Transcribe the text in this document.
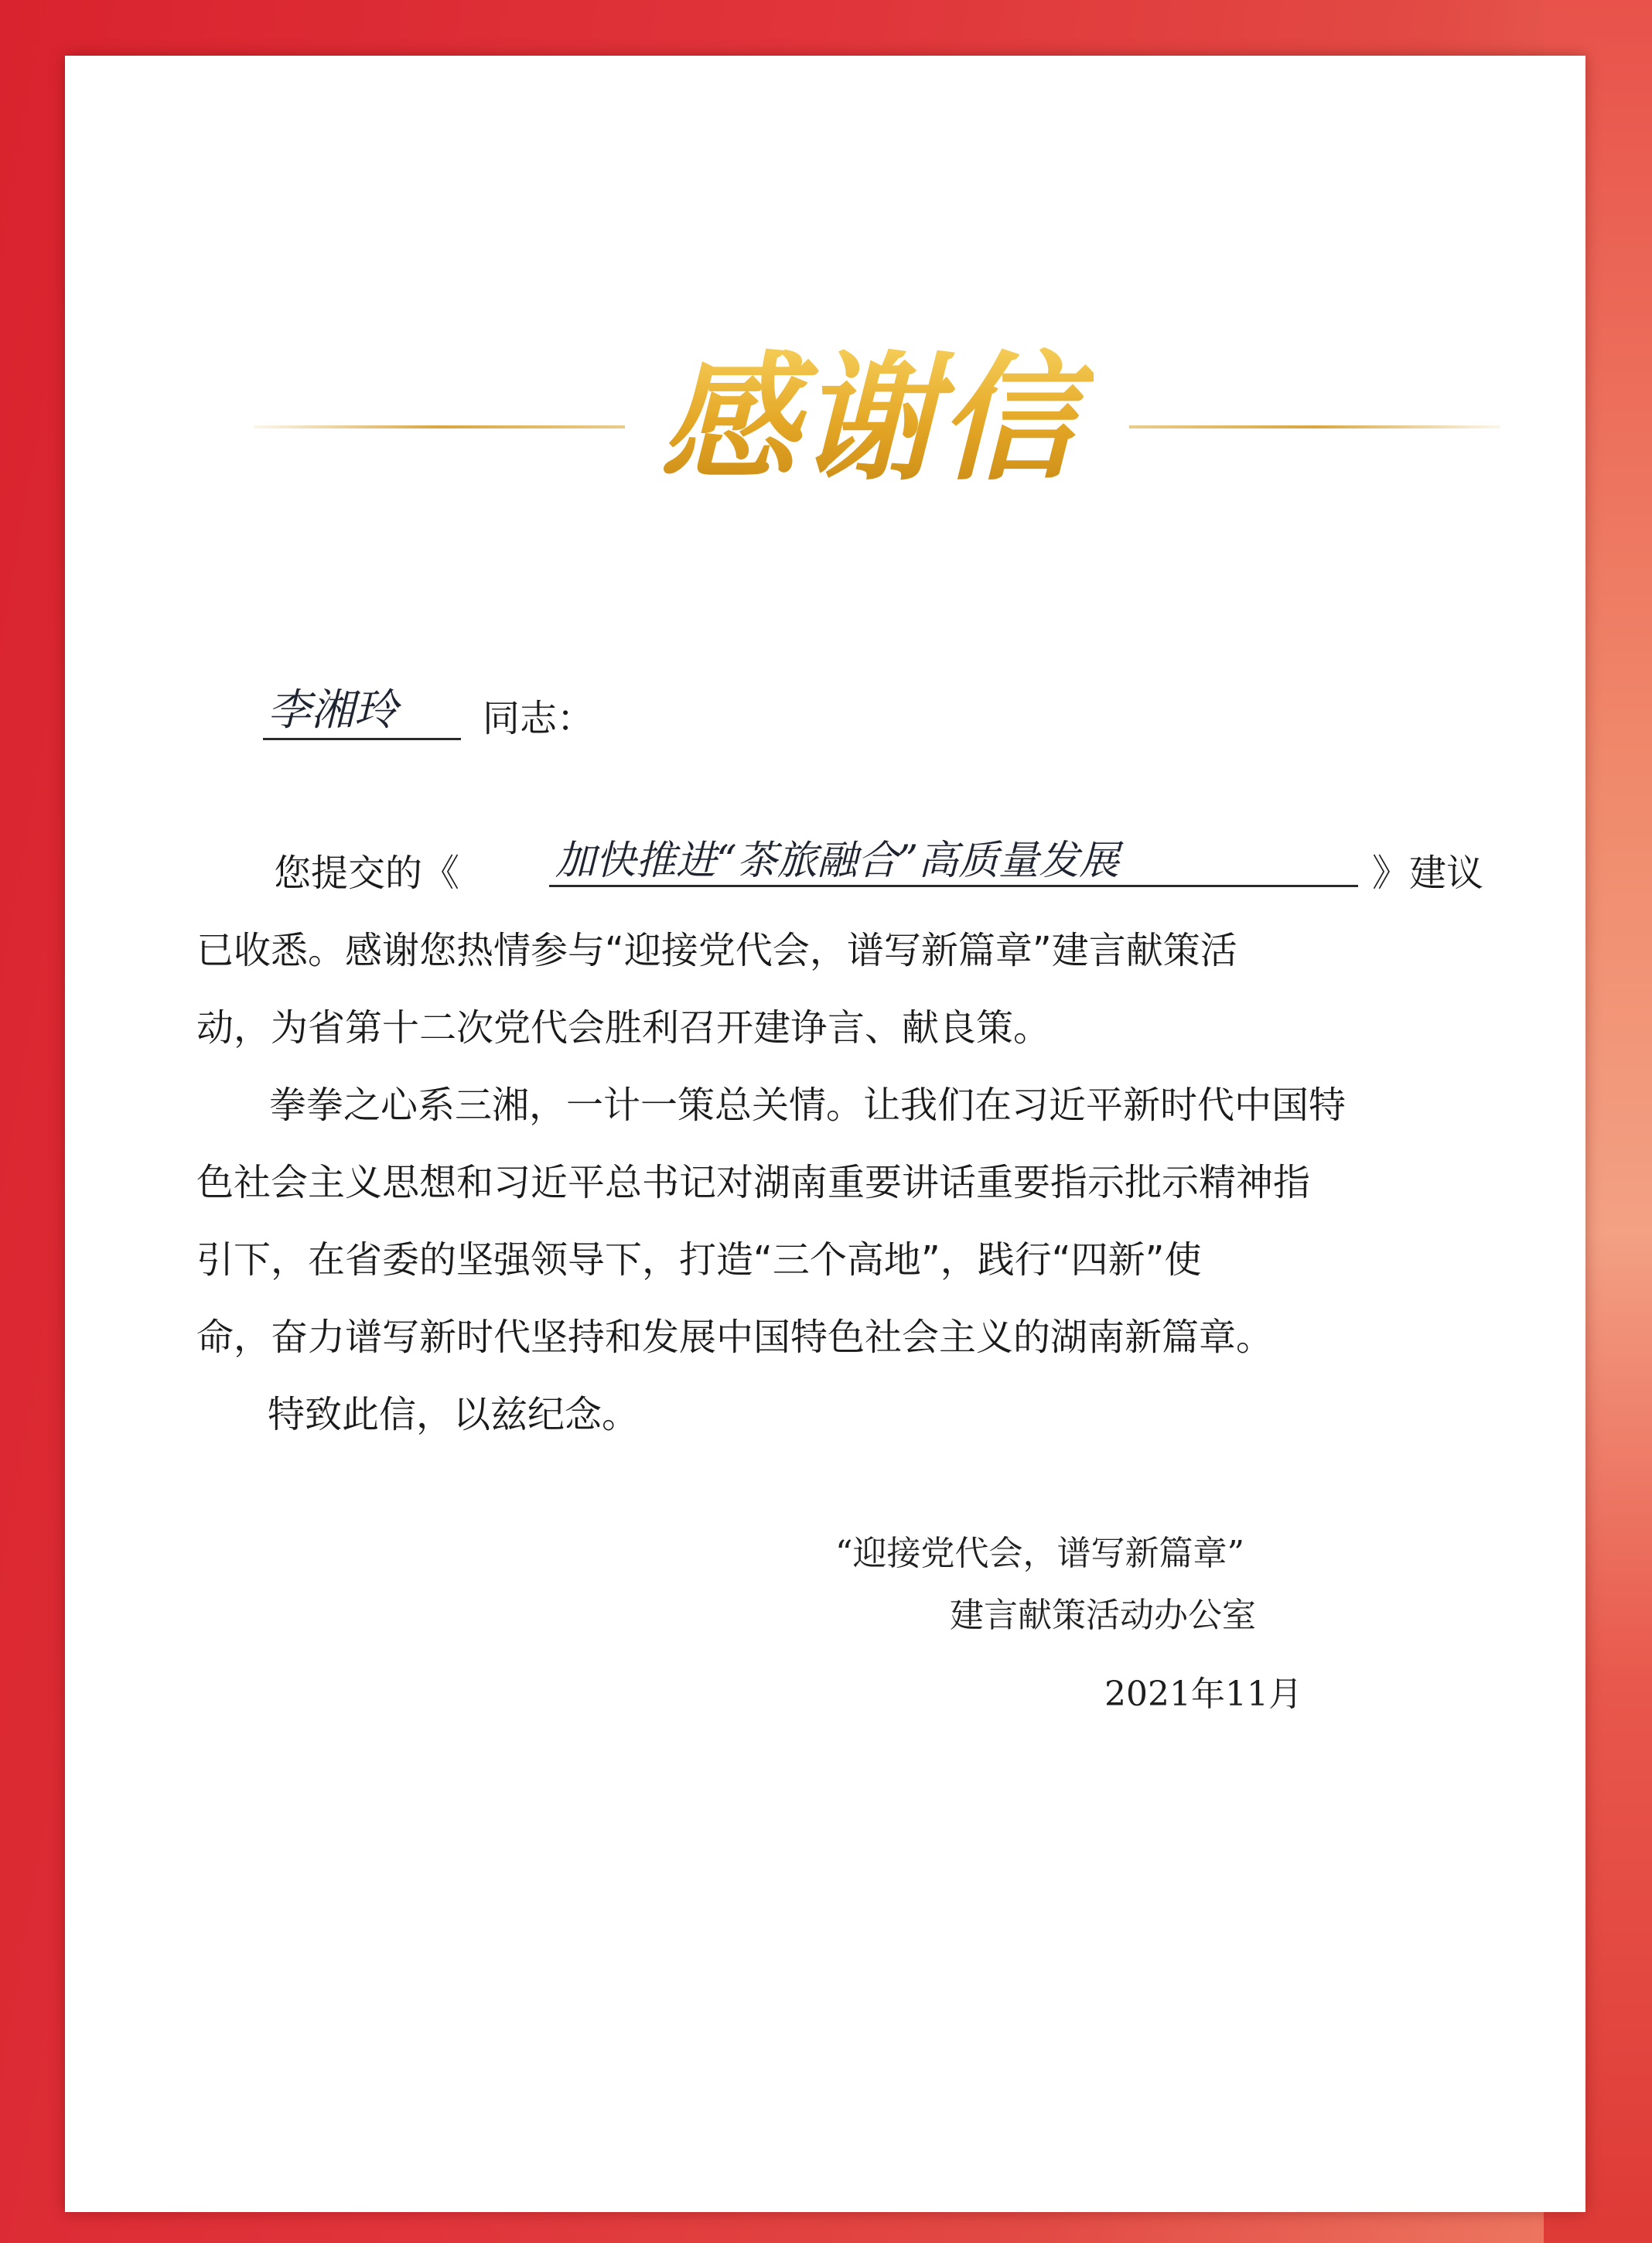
感谢信
李湘玲 同志：
您提交的《 加快推进“茶旅融合”高质量发展	》建议
已收悉。感谢您热情参与“迎接党代会，谱写新篇章”建言献策活
动，为省第十二次党代会胜利召开建诤言、献良策。
拳拳之心系三湘，一计一策总关情。让我们在习近平新时代中国特
色社会主义思想和习近平总书记对湖南重要讲话重要指示批示精神指
引下，在省委的坚强领导下，打造“三个高地”，践行“四新”使
命，奋力谱写新时代坚持和发展中国特色社会主义的湖南新篇章。
特致此信，以兹纪念。
“迎接党代会，谱写新篇章”
建言献策活动办公室
2021年11月
